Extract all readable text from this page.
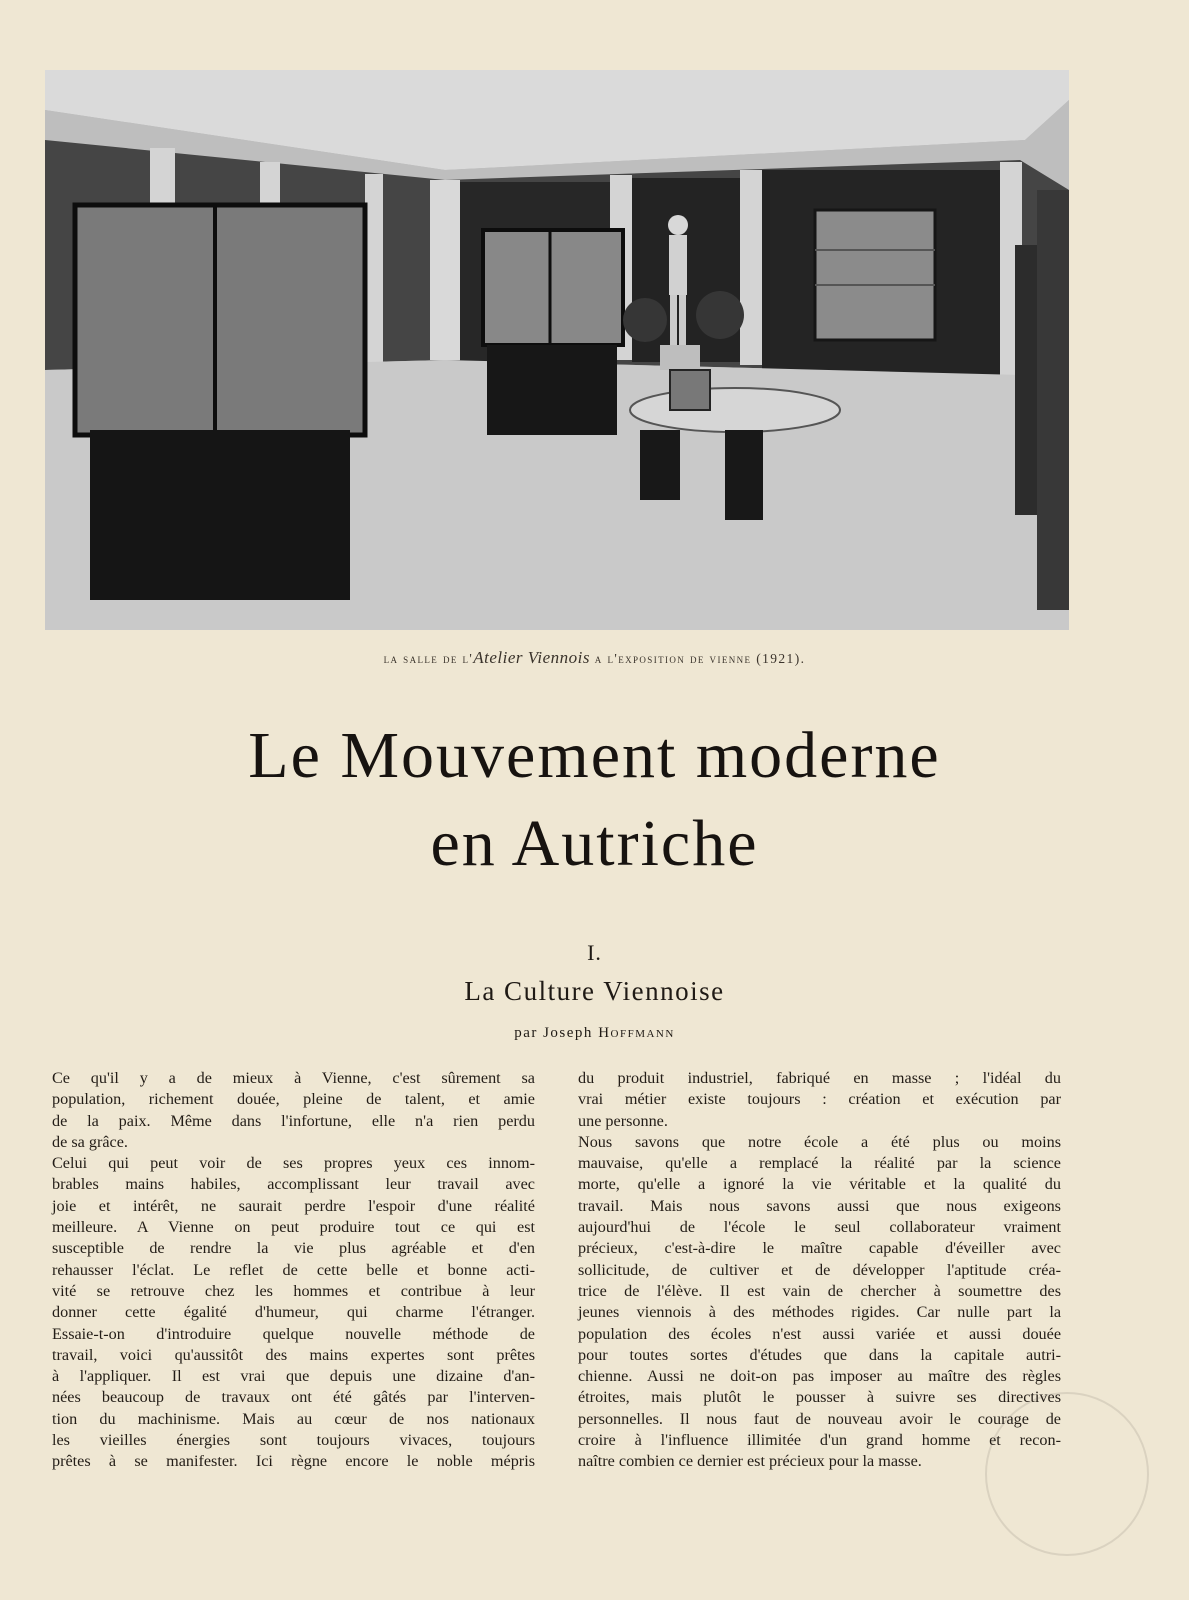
la salle de l'Atelier Viennois a l'exposition de vienne (1921).
Le Mouvement moderne
en Autriche
I.
La Culture Viennoise
par Joseph Hoffmann
Ce qu'il y a de mieux à Vienne, c'est sûrement sa
population, richement douée, pleine de talent, et amie
de la paix. Même dans l'infortune, elle n'a rien perdu
de sa grâce.
Celui qui peut voir de ses propres yeux ces innom-
brables mains habiles, accomplissant leur travail avec
joie et intérêt, ne saurait perdre l'espoir d'une réalité
meilleure. A Vienne on peut produire tout ce qui est
susceptible de rendre la vie plus agréable et d'en
rehausser l'éclat. Le reflet de cette belle et bonne acti-
vité se retrouve chez les hommes et contribue à leur
donner cette égalité d'humeur, qui charme l'étranger.
Essaie-t-on d'introduire quelque nouvelle méthode de
travail, voici qu'aussitôt des mains expertes sont prêtes
à l'appliquer. Il est vrai que depuis une dizaine d'an-
nées beaucoup de travaux ont été gâtés par l'interven-
tion du machinisme. Mais au cœur de nos nationaux
les vieilles énergies sont toujours vivaces, toujours
prêtes à se manifester. Ici règne encore le noble mépris
du produit industriel, fabriqué en masse ; l'idéal du
vrai métier existe toujours : création et exécution par
une personne.
Nous savons que notre école a été plus ou moins
mauvaise, qu'elle a remplacé la réalité par la science
morte, qu'elle a ignoré la vie véritable et la qualité du
travail. Mais nous savons aussi que nous exigeons
aujourd'hui de l'école le seul collaborateur vraiment
précieux, c'est-à-dire le maître capable d'éveiller avec
sollicitude, de cultiver et de développer l'aptitude créa-
trice de l'élève. Il est vain de chercher à soumettre des
jeunes viennois à des méthodes rigides. Car nulle part la
population des écoles n'est aussi variée et aussi douée
pour toutes sortes d'études que dans la capitale autri-
chienne. Aussi ne doit-on pas imposer au maître des règles
étroites, mais plutôt le pousser à suivre ses directives
personnelles. Il nous faut de nouveau avoir le courage de
croire à l'influence illimitée d'un grand homme et recon-
naître combien ce dernier est précieux pour la masse.
